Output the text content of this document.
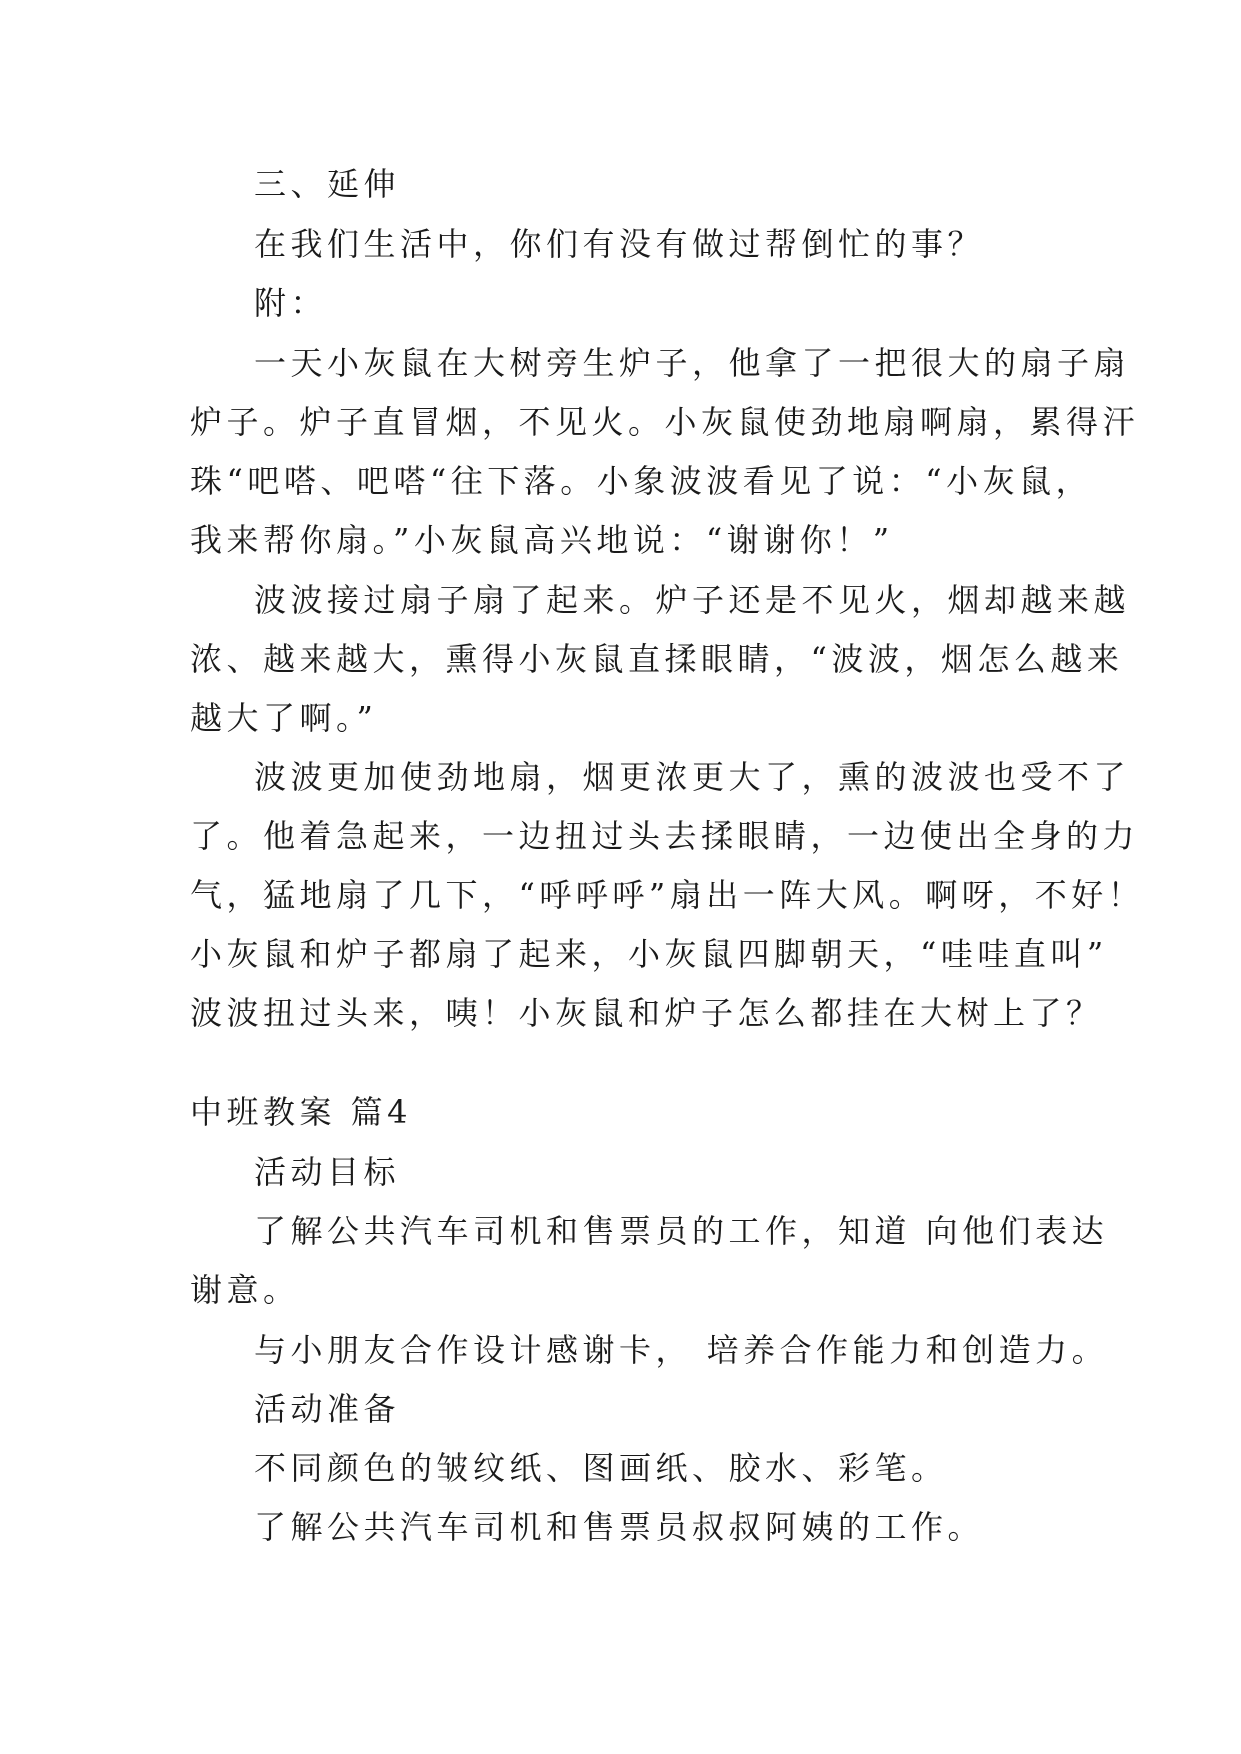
三、延伸
在我们生活中，你们有没有做过帮倒忙的事？
附：
一天小灰鼠在大树旁生炉子，他拿了一把很大的扇子扇
炉子。炉子直冒烟，不见火。小灰鼠使劲地扇啊扇，累得汗
珠“吧嗒、吧嗒“往下落。小象波波看见了说：“小灰鼠，
我来帮你扇。”小灰鼠高兴地说：“谢谢你！”
波波接过扇子扇了起来。炉子还是不见火，烟却越来越
浓、越来越大，熏得小灰鼠直揉眼睛，“波波，烟怎么越来
越大了啊。”
波波更加使劲地扇，烟更浓更大了，熏的波波也受不了
了。他着急起来，一边扭过头去揉眼睛，一边使出全身的力
气，猛地扇了几下，“呼呼呼”扇出一阵大风。啊呀，不好！
小灰鼠和炉子都扇了起来，小灰鼠四脚朝天，“哇哇直叫”
波波扭过头来，咦！小灰鼠和炉子怎么都挂在大树上了？
中班教案 篇4
活动目标
了解公共汽车司机和售票员的工作，知道 向他们表达
谢意。
与小朋友合作设计感谢卡， 培养合作能力和创造力。
活动准备
不同颜色的皱纹纸、图画纸、胶水、彩笔。
了解公共汽车司机和售票员叔叔阿姨的工作。
